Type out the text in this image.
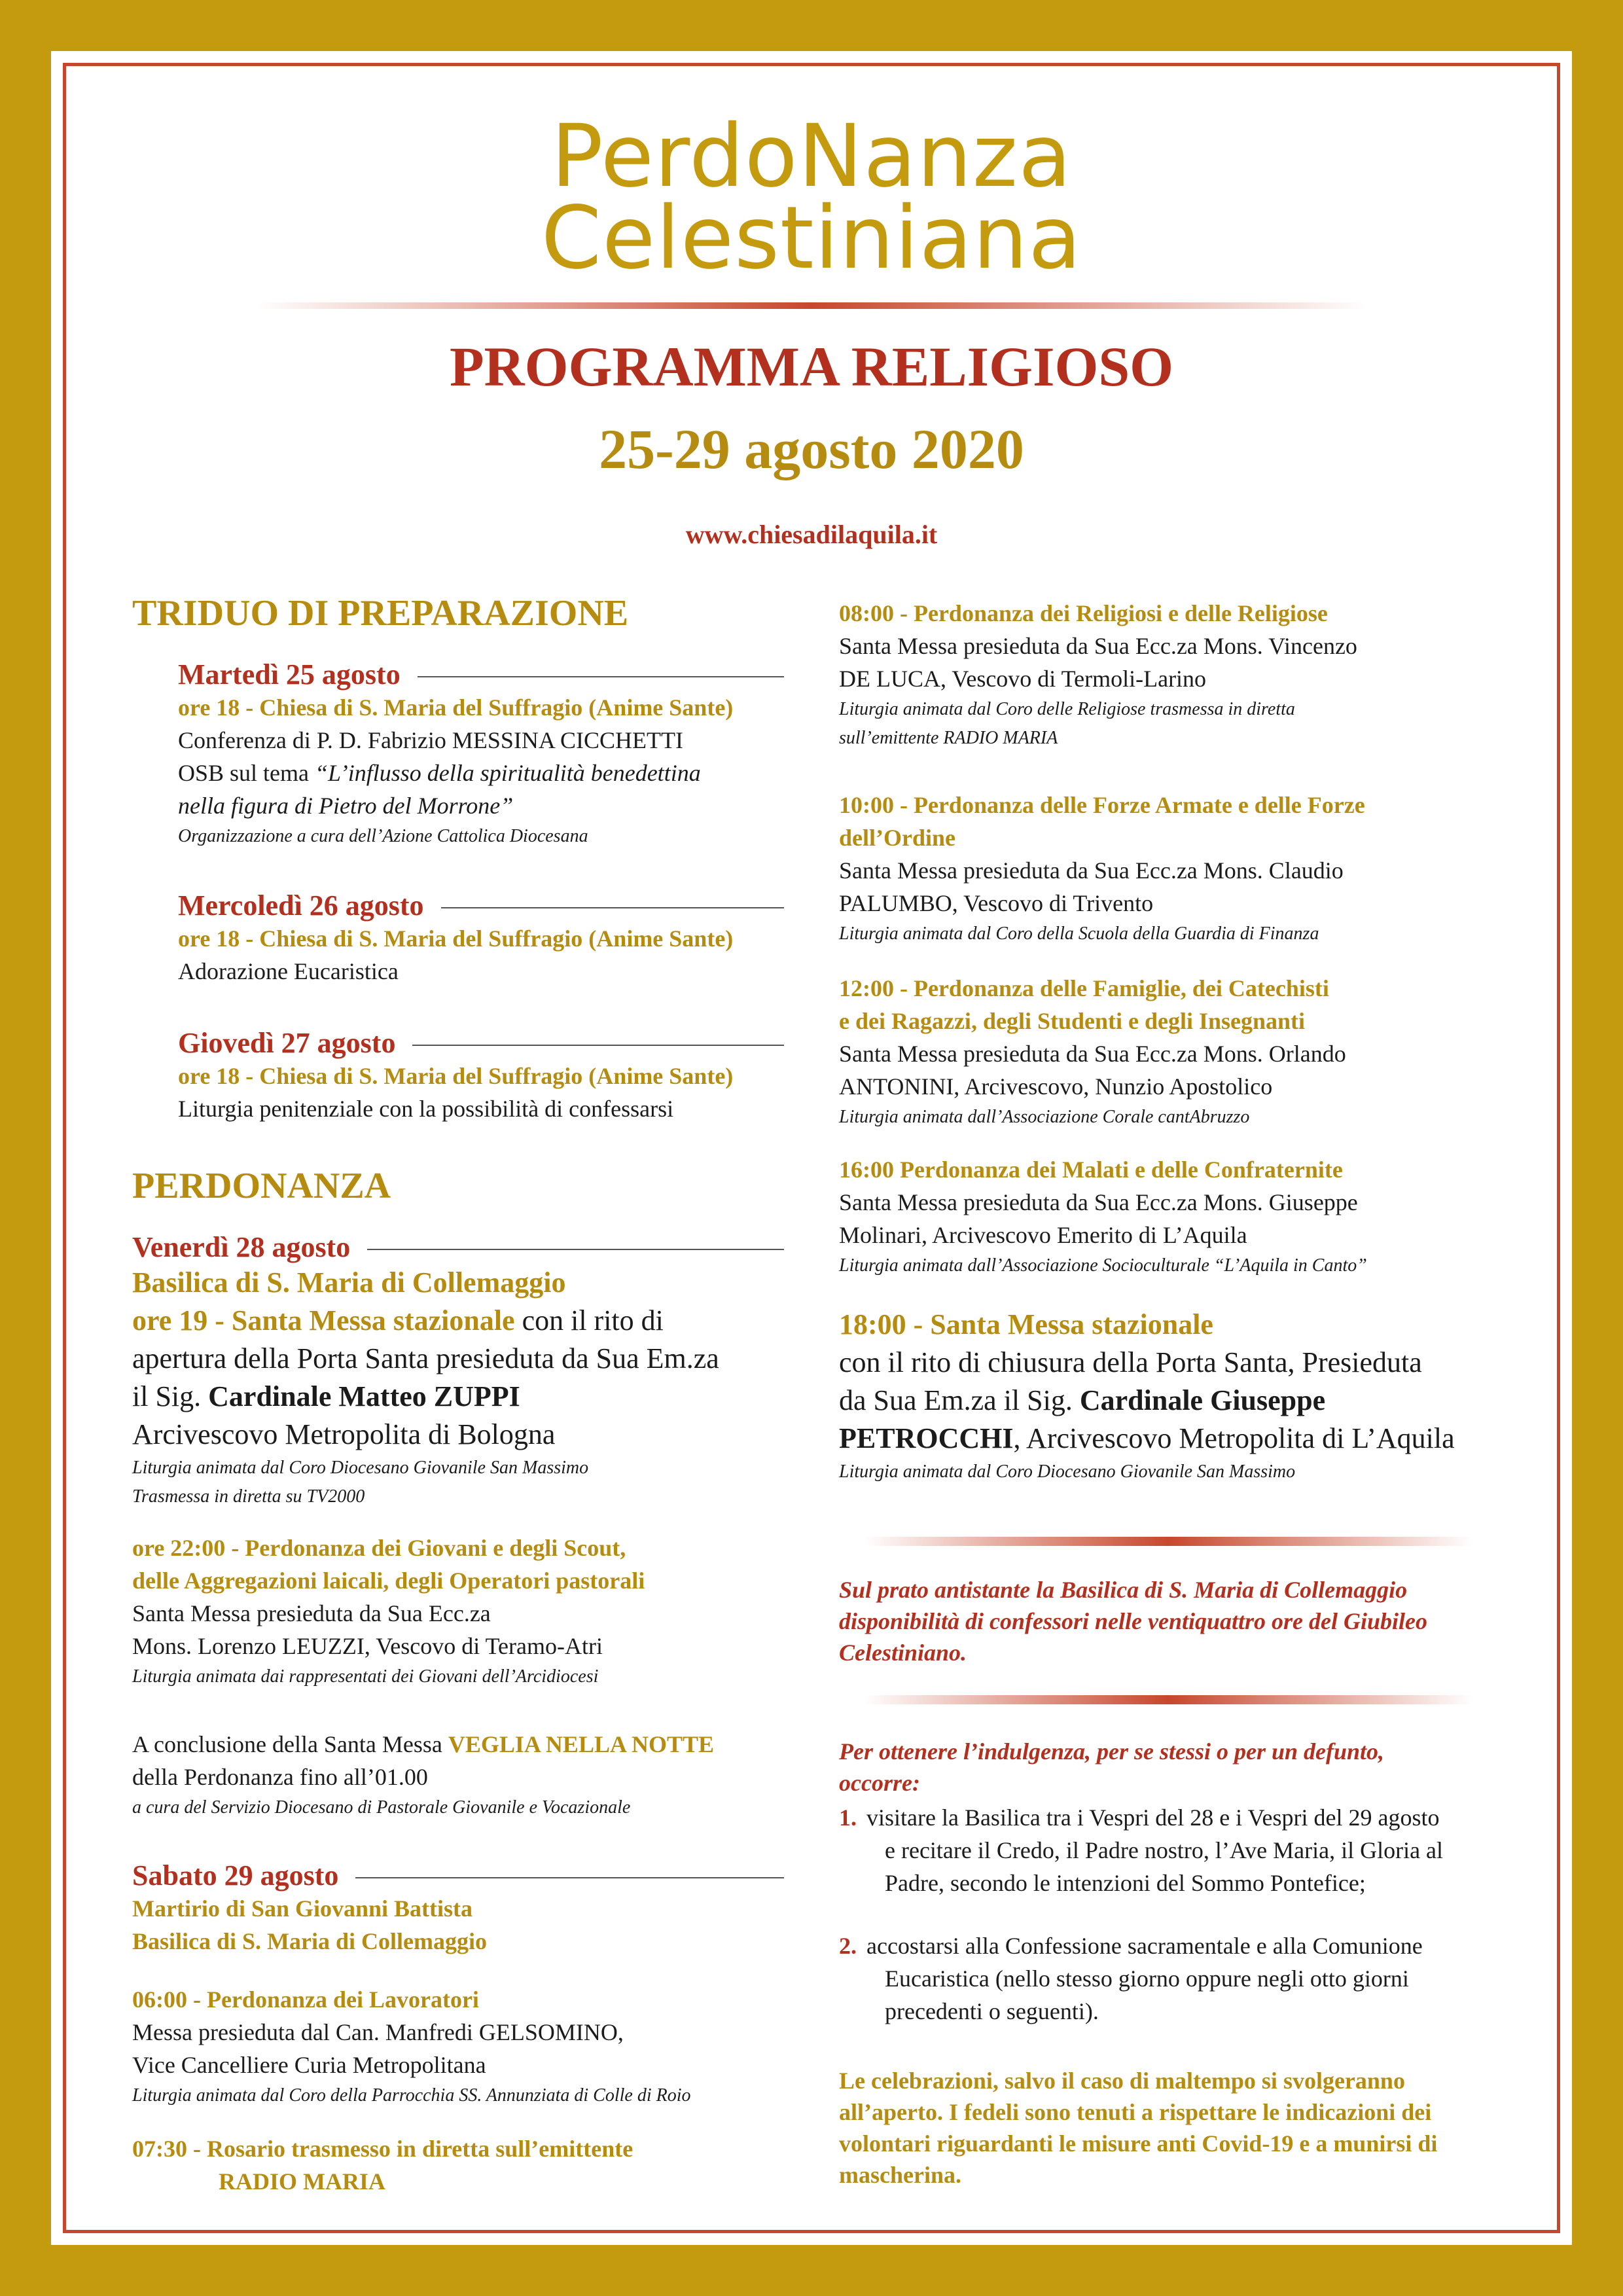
PerdoNanza
Celestiniana
PROGRAMMA RELIGIOSO
25-29 agosto 2020
www.chiesadilaquila.it
TRIDUO DI PREPARAZIONE
Martedì 25 agosto
ore 18 - Chiesa di S. Maria del Suffragio (Anime Sante)
Conferenza di P. D. Fabrizio MESSINA CICCHETTI
OSB sul tema “L’influsso della spiritualità benedettina
nella figura di Pietro del Morrone”
Organizzazione a cura dell’Azione Cattolica Diocesana
Mercoledì 26 agosto
ore 18 - Chiesa di S. Maria del Suffragio (Anime Sante)
Adorazione Eucaristica
Giovedì 27 agosto
ore 18 - Chiesa di S. Maria del Suffragio (Anime Sante)
Liturgia penitenziale con la possibilità di confessarsi
PERDONANZA
Venerdì 28 agosto
Basilica di S. Maria di Collemaggio
ore 19 - Santa Messa stazionale con il rito di
apertura della Porta Santa presieduta da Sua Em.za
il Sig. Cardinale Matteo ZUPPI
Arcivescovo Metropolita di Bologna
Liturgia animata dal Coro Diocesano Giovanile San Massimo
Trasmessa in diretta su TV2000
ore 22:00 - Perdonanza dei Giovani e degli Scout,
delle Aggregazioni laicali, degli Operatori pastorali
Santa Messa presieduta da Sua Ecc.za
Mons. Lorenzo LEUZZI, Vescovo di Teramo-Atri
Liturgia animata dai rappresentati dei Giovani dell’Arcidiocesi
A conclusione della Santa Messa VEGLIA NELLA NOTTE
della Perdonanza fino all’01.00
a cura del Servizio Diocesano di Pastorale Giovanile e Vocazionale
Sabato 29 agosto
Martirio di San Giovanni Battista
Basilica di S. Maria di Collemaggio
06:00 - Perdonanza dei Lavoratori
Messa presieduta dal Can. Manfredi GELSOMINO,
Vice Cancelliere Curia Metropolitana
Liturgia animata dal Coro della Parrocchia SS. Annunziata di Colle di Roio
07:30 - Rosario trasmesso in diretta sull’emittente
RADIO MARIA
08:00 - Perdonanza dei Religiosi e delle Religiose
Santa Messa presieduta da Sua Ecc.za Mons. Vincenzo
DE LUCA, Vescovo di Termoli-Larino
Liturgia animata dal Coro delle Religiose trasmessa in diretta
sull’emittente RADIO MARIA
10:00 - Perdonanza delle Forze Armate e delle Forze
dell’Ordine
Santa Messa presieduta da Sua Ecc.za Mons. Claudio
PALUMBO, Vescovo di Trivento
Liturgia animata dal Coro della Scuola della Guardia di Finanza
12:00 - Perdonanza delle Famiglie, dei Catechisti
e dei Ragazzi, degli Studenti e degli Insegnanti
Santa Messa presieduta da Sua Ecc.za Mons. Orlando
ANTONINI, Arcivescovo, Nunzio Apostolico
Liturgia animata dall’Associazione Corale cantAbruzzo
16:00 Perdonanza dei Malati e delle Confraternite
Santa Messa presieduta da Sua Ecc.za Mons. Giuseppe
Molinari, Arcivescovo Emerito di L’Aquila
Liturgia animata dall’Associazione Socioculturale “L’Aquila in Canto”
18:00 - Santa Messa stazionale
con il rito di chiusura della Porta Santa, Presieduta
da Sua Em.za il Sig. Cardinale Giuseppe
PETROCCHI, Arcivescovo Metropolita di L’Aquila
Liturgia animata dal Coro Diocesano Giovanile San Massimo
Sul prato antistante la Basilica di S. Maria di Collemaggio
disponibilità di confessori nelle ventiquattro ore del Giubileo
Celestiniano.
Per ottenere l’indulgenza, per se stessi o per un defunto,
occorre:
1. visitare la Basilica tra i Vespri del 28 e i Vespri del 29 agosto
e recitare il Credo, il Padre nostro, l’Ave Maria, il Gloria al
Padre, secondo le intenzioni del Sommo Pontefice;
2. accostarsi alla Confessione sacramentale e alla Comunione
Eucaristica (nello stesso giorno oppure negli otto giorni
precedenti o seguenti).
Le celebrazioni, salvo il caso di maltempo si svolgeranno
all’aperto. I fedeli sono tenuti a rispettare le indicazioni dei
volontari riguardanti le misure anti Covid-19 e a munirsi di
mascherina.
